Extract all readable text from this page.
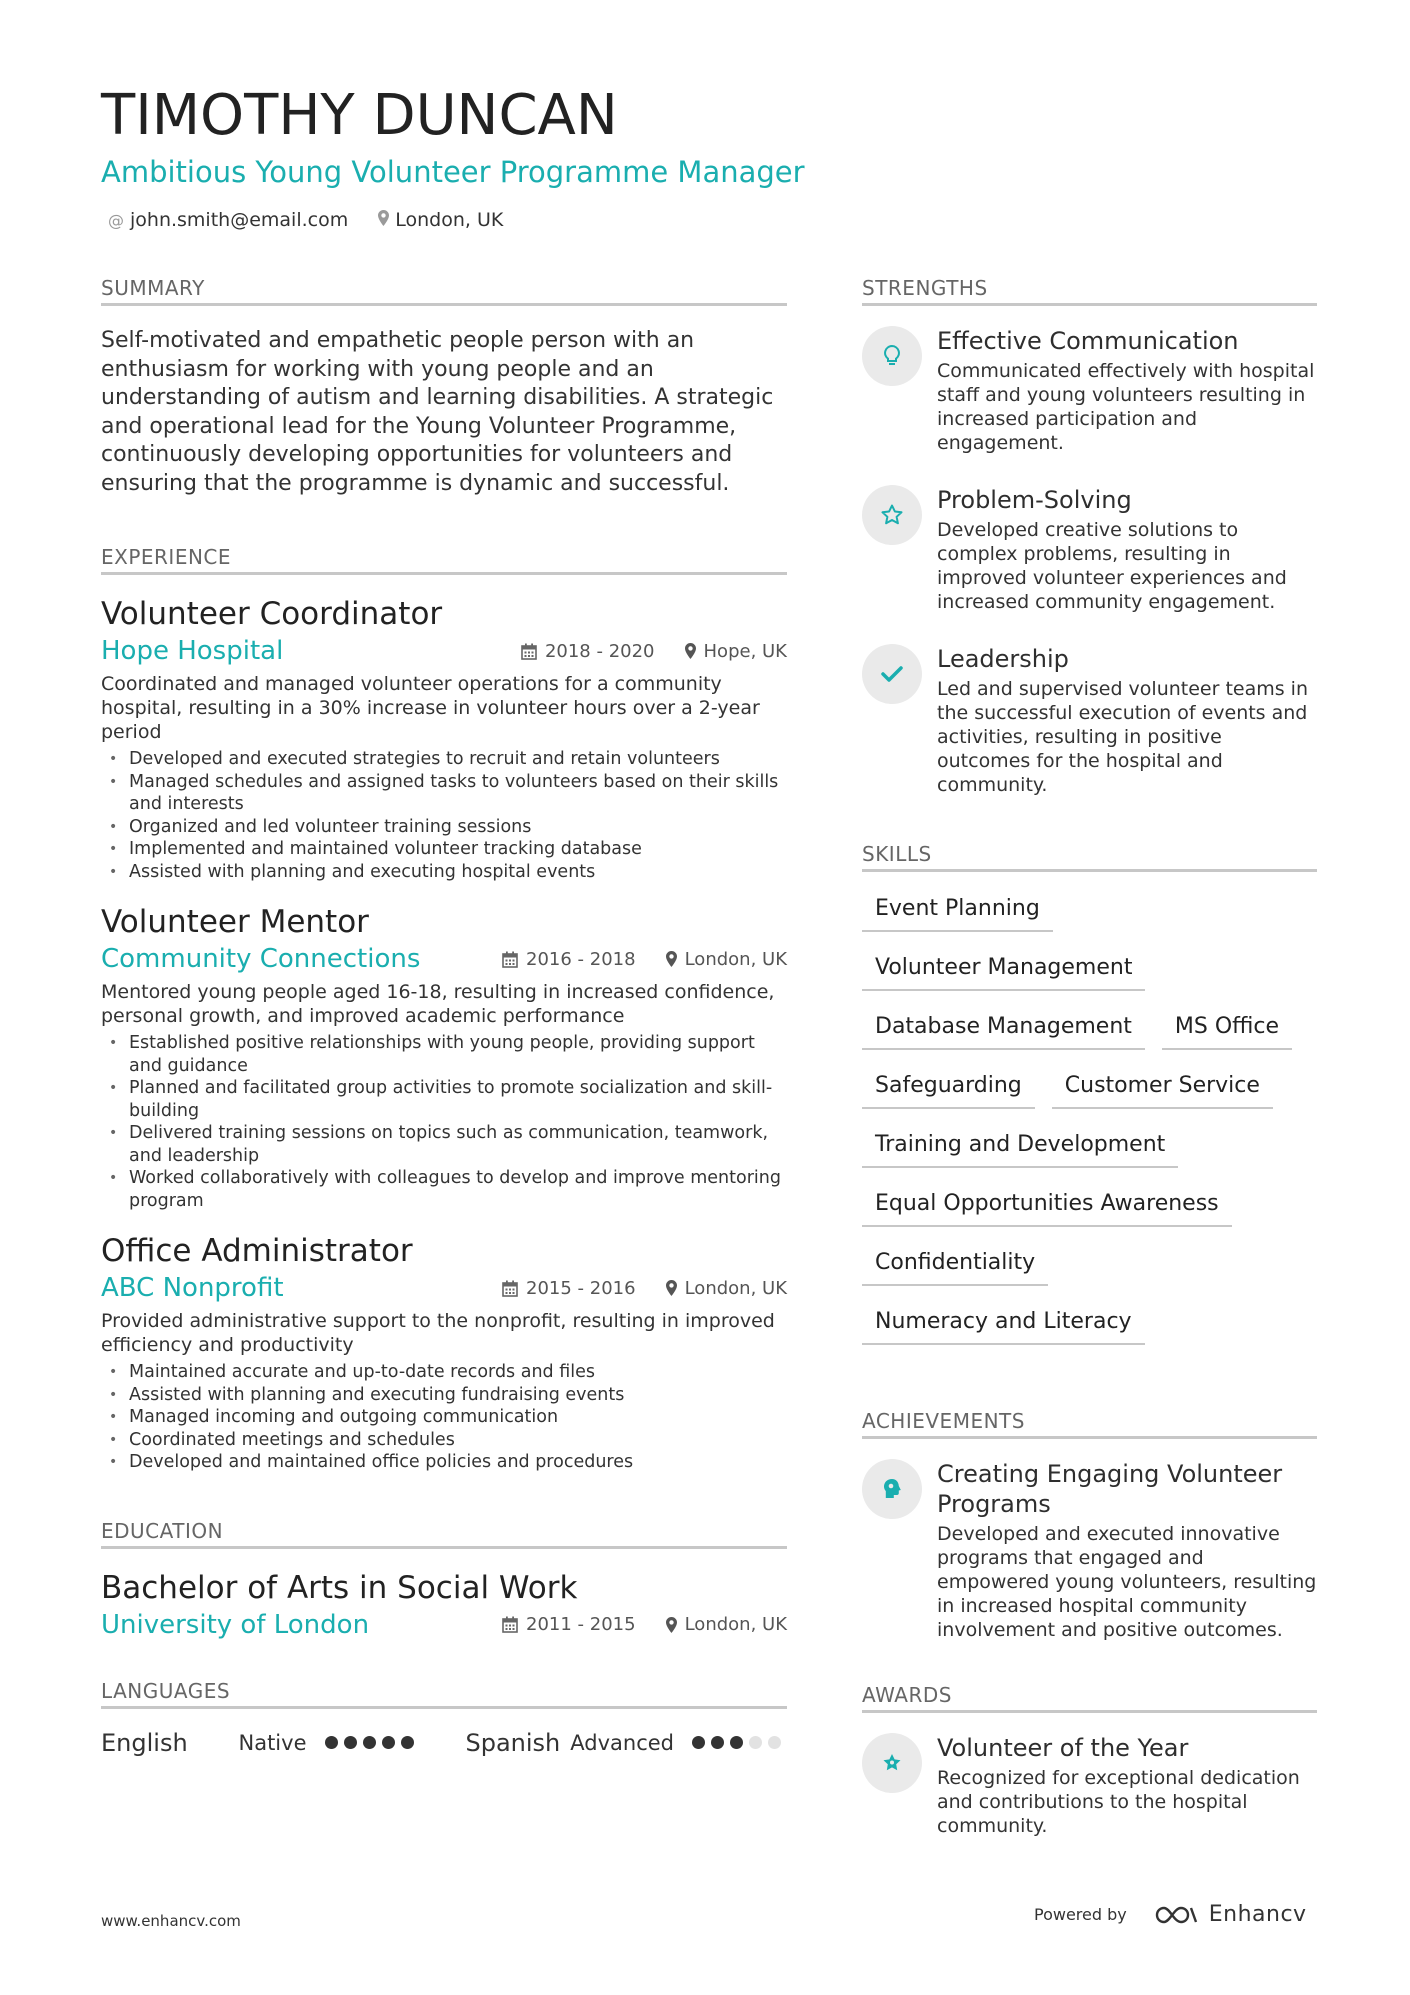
TIMOTHY DUNCAN
Ambitious Young Volunteer Programme Manager
@ john.smith@email.com London, UK
SUMMARY
Self-motivated and empathetic people person with an enthusiasm for working with young people and an understanding of autism and learning disabilities. A strategic and operational lead for the Young Volunteer Programme, continuously developing opportunities for volunteers and ensuring that the programme is dynamic and successful.
EXPERIENCE
Volunteer Coordinator
Hope Hospital	2018 - 2020	Hope, UK
Coordinated and managed volunteer operations for a community hospital, resulting in a 30% increase in volunteer hours over a 2-year period
• Developed and executed strategies to recruit and retain volunteers
• Managed schedules and assigned tasks to volunteers based on their skills and interests
• Organized and led volunteer training sessions
• Implemented and maintained volunteer tracking database
• Assisted with planning and executing hospital events
Volunteer Mentor
Community Connections	2016 - 2018	London, UK
Mentored young people aged 16-18, resulting in increased confidence, personal growth, and improved academic performance
• Established positive relationships with young people, providing support and guidance
• Planned and facilitated group activities to promote socialization and skill-building
• Delivered training sessions on topics such as communication, teamwork, and leadership
• Worked collaboratively with colleagues to develop and improve mentoring program
Office Administrator
ABC Nonprofit	2015 - 2016	London, UK
Provided administrative support to the nonprofit, resulting in improved efficiency and productivity
• Maintained accurate and up-to-date records and files
• Assisted with planning and executing fundraising events
• Managed incoming and outgoing communication
• Coordinated meetings and schedules
• Developed and maintained office policies and procedures
EDUCATION
Bachelor of Arts in Social Work
University of London	2011 - 2015	London, UK
LANGUAGES
English	Native	Spanish Advanced
STRENGTHS
Effective Communication
Communicated effectively with hospital staff and young volunteers resulting in increased participation and engagement.
Problem-Solving
Developed creative solutions to complex problems, resulting in improved volunteer experiences and increased community engagement.
Leadership
Led and supervised volunteer teams in the successful execution of events and activities, resulting in positive outcomes for the hospital and community.
SKILLS
Event Planning
Volunteer Management
Database Management	MS Office
Safeguarding	Customer Service
Training and Development
Equal Opportunities Awareness
Confidentiality
Numeracy and Literacy
ACHIEVEMENTS
Creating Engaging Volunteer Programs
Developed and executed innovative programs that engaged and empowered young volunteers, resulting in increased hospital community involvement and positive outcomes.
AWARDS
Volunteer of the Year
Recognized for exceptional dedication and contributions to the hospital community.
www.enhancv.com	Powered by	Enhancv
